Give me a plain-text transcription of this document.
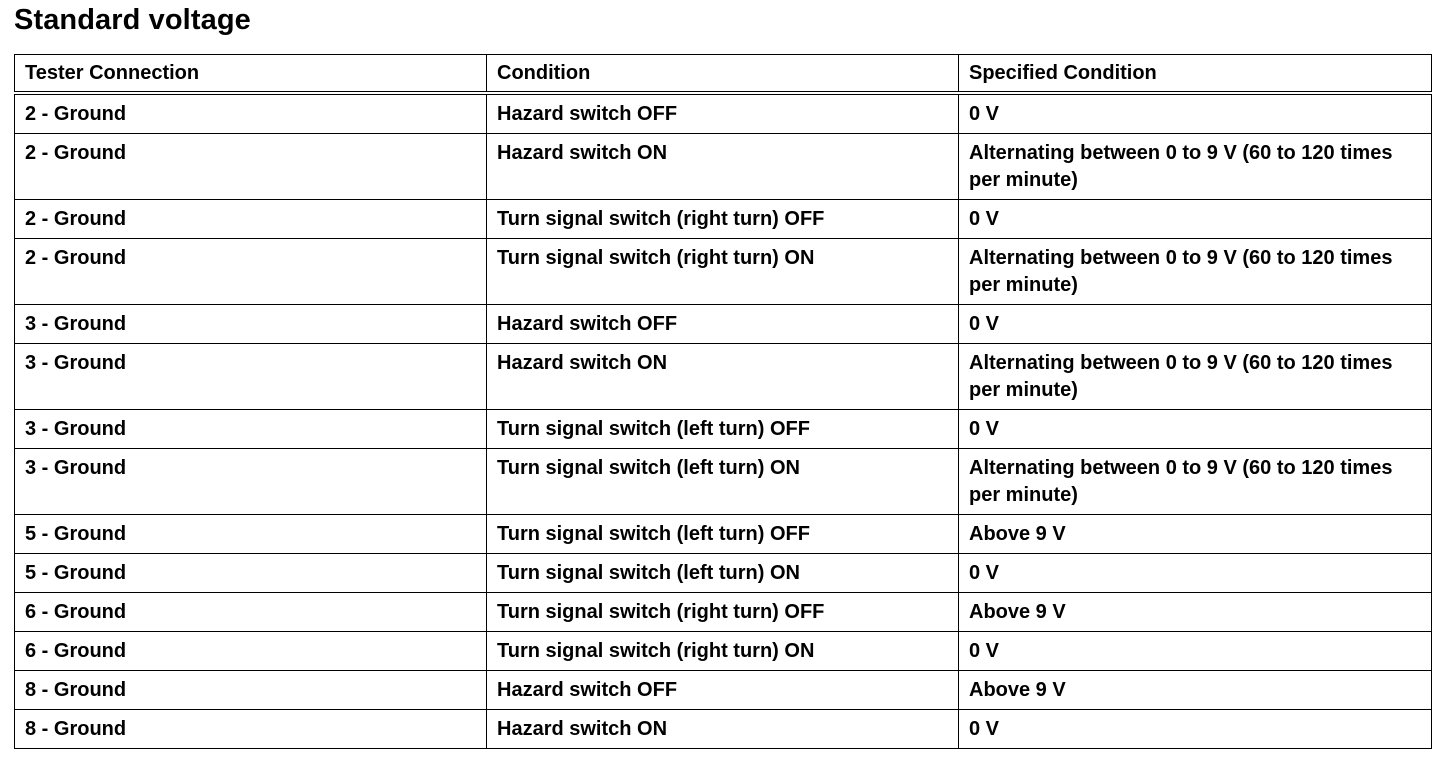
Standard voltage
Tester Connection	Condition	Specified Condition
2 - Ground	Hazard switch OFF	0 V
2 - Ground	Hazard switch ON	Alternating between 0 to 9 V (60 to 120 times per minute)
2 - Ground	Turn signal switch (right turn) OFF	0 V
2 - Ground	Turn signal switch (right turn) ON	Alternating between 0 to 9 V (60 to 120 times per minute)
3 - Ground	Hazard switch OFF	0 V
3 - Ground	Hazard switch ON	Alternating between 0 to 9 V (60 to 120 times per minute)
3 - Ground	Turn signal switch (left turn) OFF	0 V
3 - Ground	Turn signal switch (left turn) ON	Alternating between 0 to 9 V (60 to 120 times per minute)
5 - Ground	Turn signal switch (left turn) OFF	Above 9 V
5 - Ground	Turn signal switch (left turn) ON	0 V
6 - Ground	Turn signal switch (right turn) OFF	Above 9 V
6 - Ground	Turn signal switch (right turn) ON	0 V
8 - Ground	Hazard switch OFF	Above 9 V
8 - Ground	Hazard switch ON	0 V
